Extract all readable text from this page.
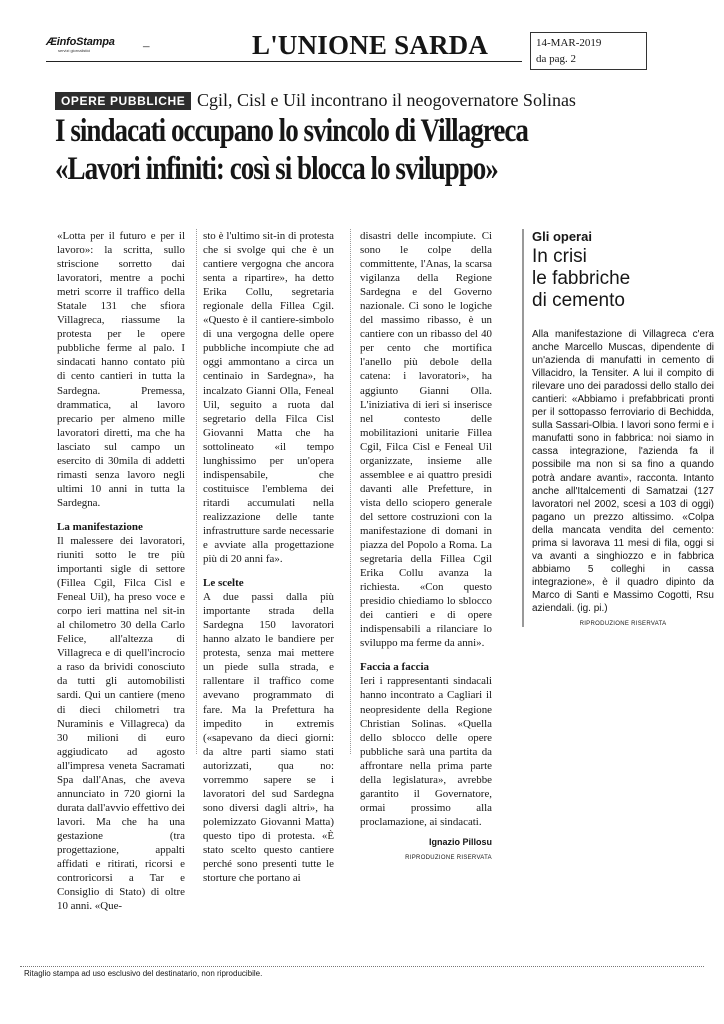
ÆinfoStampa
servizi giornalistici	–	L'UNIONE SARDA	14-MAR-2019
da pag. 2
OPERE PUBBLICHE Cgil, Cisl e Uil incontrano il neogovernatore Solinas
I sindacati occupano lo svincolo di Villagreca
«Lavori infiniti: così si blocca lo sviluppo»

«Lotta per il futuro e per il lavoro»: la scritta, sullo striscione sorretto dai lavoratori, mentre a pochi metri scorre il traffico della Statale 131 che sfiora Villagreca, riassume la protesta per le opere pubbliche ferme al palo. I sindacati hanno contato più di cento cantieri in tutta la Sardegna. Premessa, drammatica, al lavoro precario per almeno mille lavoratori diretti, ma che ha lasciato sul campo un esercito di 30mila di addetti rimasti senza lavoro negli ultimi 10 anni in tutta la Sardegna.

La manifestazione

Il malessere dei lavoratori, riuniti sotto le tre più importanti sigle di settore (Fillea Cgil, Filca Cisl e Feneal Uil), ha preso voce e corpo ieri mattina nel sit-in al chilometro 30 della Carlo Felice, all'altezza di Villagreca e di quell'incrocio a raso da brividi conosciuto da tutti gli automobilisti sardi. Qui un cantiere (meno di dieci chilometri tra Nuraminis e Villagreca) da 30 milioni di euro aggiudicato ad agosto all'impresa veneta Sacramati Spa dall'Anas, che aveva annunciato in 720 giorni la durata dall'avvio effettivo dei lavori. Ma che ha una gestazione (tra progettazione, appalti affidati e ritirati, ricorsi e controricorsi a Tar e Consiglio di Stato) di oltre 10 anni. «Que-

sto è l'ultimo sit-in di protesta che si svolge qui che è un cantiere vergogna che ancora senta a ripartire», ha detto Erika Collu, segretaria regionale della Fillea Cgil. «Questo è il cantiere-simbolo di una vergogna delle opere pubbliche incompiute che ad oggi ammontano a circa un centinaio in Sardegna», ha incalzato Gianni Olla, Feneal Uil, seguito a ruota dal segretario della Filca Cisl Giovanni Matta che ha sottolineato «il tempo lunghissimo per un'opera indispensabile, che costituisce l'emblema dei ritardi accumulati nella realizzazione delle tante infrastrutture sarde necessarie e avviate alla progettazione più di 20 anni fa».

Le scelte

A due passi dalla più importante strada della Sardegna 150 lavoratori hanno alzato le bandiere per protesta, senza mai mettere un piede sulla strada, e rallentare il traffico come avevano programmato di fare. Ma la Prefettura ha impedito in extremis («sapevano da dieci giorni: da altre parti siamo stati autorizzati, qua no: vorremmo sapere se i lavoratori del sud Sardegna sono diversi dagli altri», ha polemizzato Giovanni Matta) questo tipo di protesta. «È stato scelto questo cantiere perché sono presenti tutte le storture che portano ai

disastri delle incompiute. Ci sono le colpe della committente, l'Anas, la scarsa vigilanza della Regione Sardegna e del Governo nazionale. Ci sono le logiche del massimo ribasso, è un cantiere con un ribasso del 40 per cento che mortifica l'anello più debole della catena: i lavoratori», ha aggiunto Gianni Olla. L'iniziativa di ieri si inserisce nel contesto delle mobilitazioni unitarie Fillea Cgil, Filca Cisl e Feneal Uil organizzate, insieme alle assemblee e ai quattro presidi davanti alle Prefetture, in vista dello sciopero generale del settore costruzioni con la manifestazione di domani in piazza del Popolo a Roma. La segretaria della Fillea Cgil Erika Collu avanza la richiesta. «Con questo presidio chiediamo lo sblocco dei cantieri e di opere indispensabili a rilanciare lo sviluppo ma ferme da anni».

Faccia a faccia

Ieri i rappresentanti sindacali hanno incontrato a Cagliari il neopresidente della Regione Christian Solinas. «Quella dello sblocco delle opere pubbliche sarà una partita da affrontare nella prima parte della legislatura», avrebbe garantito il Governatore, ormai prossimo alla proclamazione, ai sindacati.

Ignazio Pillosu
RIPRODUZIONE RISERVATA
Gli operai
In crisi
le fabbriche
di cemento
Alla manifestazione di Villagreca c'era anche Marcello Muscas, dipendente di un'azienda di manufatti in cemento di Villacidro, la Tensiter. A lui il compito di rilevare uno dei paradossi dello stallo dei cantieri: «Abbiamo i prefabbricati pronti per il sottopasso ferroviario di Bechidda, sulla Sassari-Olbia. I lavori sono fermi e i manufatti sono in fabbrica: noi siamo in cassa integrazione, l'azienda fa il possibile ma non si sa fino a quando potrà andare avanti», racconta. Intanto anche all'Italcementi di Samatzai (127 lavoratori nel 2002, scesi a 103 di oggi) pagano un prezzo altissimo. «Colpa della mancata vendita del cemento: prima si lavorava 11 mesi di fila, oggi si va avanti a singhiozzo e in fabbrica abbiamo 5 colleghi in cassa integrazione», è il quadro dipinto da Marco di Santi e Massimo Cogotti, Rsu aziendali. (ig. pi.)
RIPRODUZIONE RISERVATA
Ritaglio stampa ad uso esclusivo del destinatario, non riproducibile.
